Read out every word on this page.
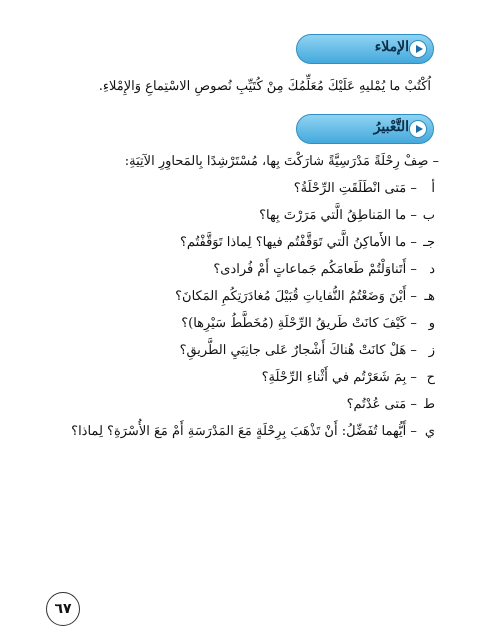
الإملاء
اُكْتُبْ ما يُمْليهِ عَلَيْكَ مُعَلِّمُكَ مِنْ كُتَيِّبِ نُصوصِ الاسْتِماعِ وَالإِمْلاءِ.
التَّعْبيرُ
– صِفْ رِحْلَةً مَدْرَسِيَّةً شارَكْتَ بِها، مُسْتَرْشِدًا بِالمَحاوِرِ الآتِيَةِ:
أ – مَتى انْطَلَقَتِ الرِّحْلَةُ؟
ب – ما المَناطِقُ الَّتي مَرَرْتَ بِها؟
جـ – ما الأَماكِنُ الَّتي تَوَقَّفْتُم فيها؟ لِماذا تَوَقَّفْتُم؟
د – أَتَناوَلْتُمْ طَعامَكُم جَماعاتٍ أَمْ فُرادى؟
هـ – أَيْنَ وَضَعْتُمُ النُّفاياتِ قُبَيْلَ مُغادَرَتِكُمِ المَكانَ؟
و – كَيْفَ كانَتْ طَريقُ الرِّحْلَةِ (مُخَطَّطُ سَيْرِها)؟
ز – هَلْ كانَتْ هُناكَ أَشْجارٌ عَلى جانِبَيِ الطَّريقِ؟
ح – بِمَ شَعَرْتُم في أَثْناءِ الرِّحْلَةِ؟
ط – مَتى عُدْتُم؟
ي – أَيُّهما تُفَضِّلُ: أَنْ تَذْهَبَ بِرِحْلَةٍ مَعَ المَدْرَسَةِ أَمْ مَعَ الأُسْرَةِ؟ لِماذا؟
٦٧
